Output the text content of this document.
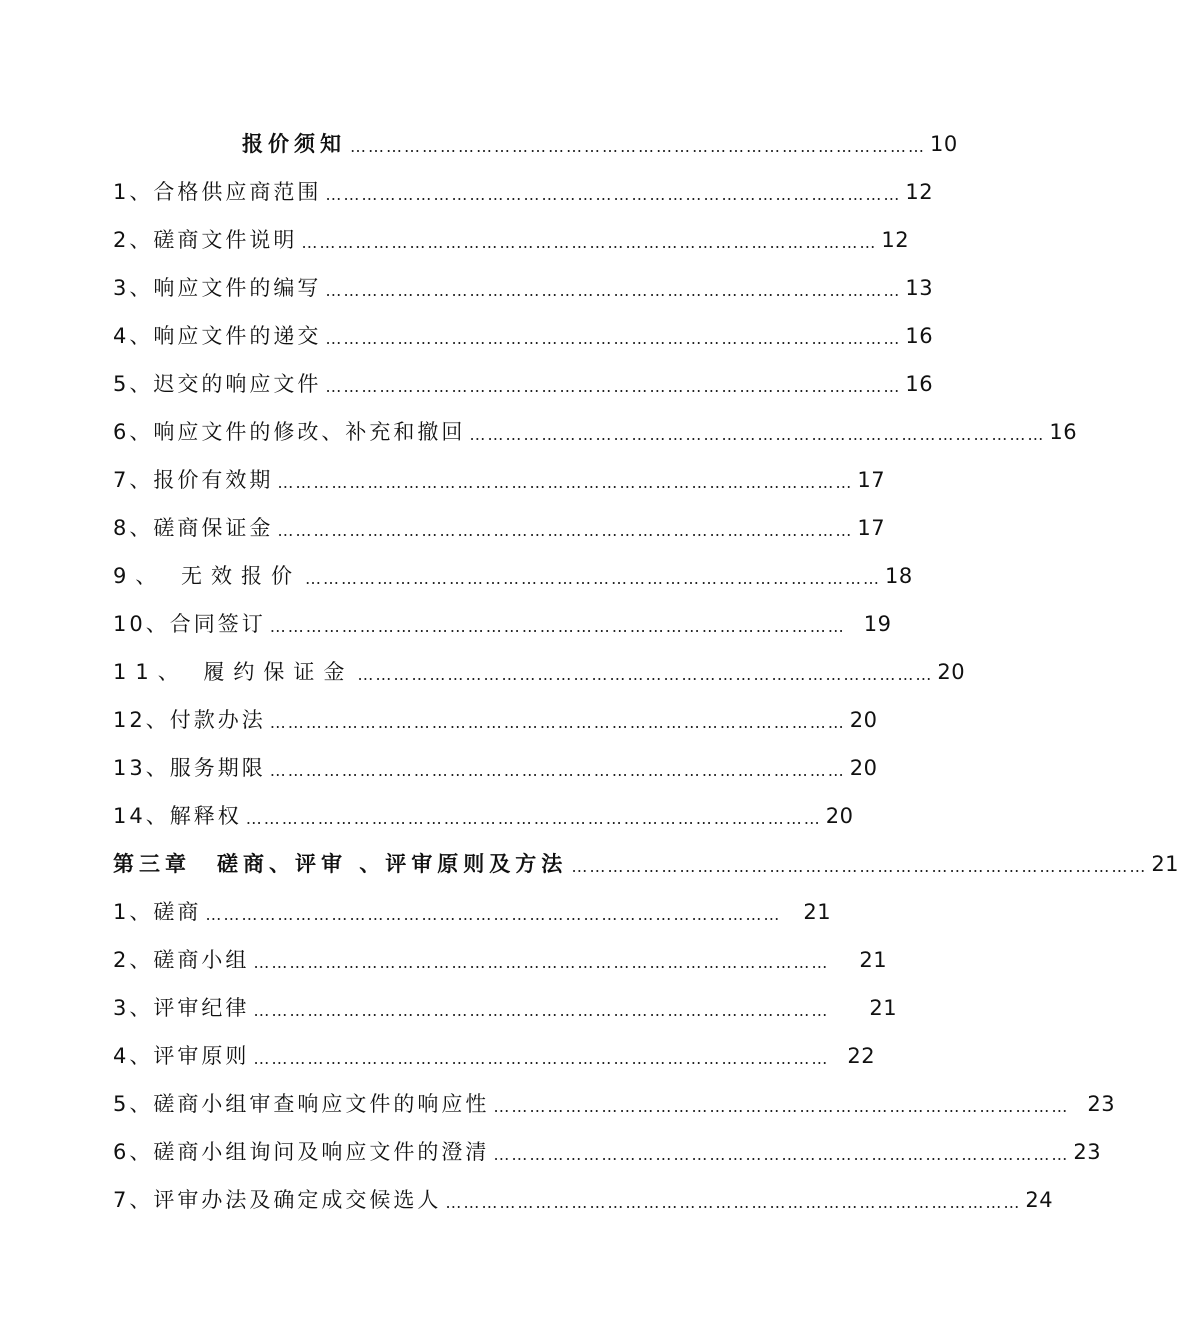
报价须知 …………………………………………………………………………………… 10
1、合格供应商范围 …………………………………………………………………………………… 12
2、磋商文件说明 …………………………………………………………………………………… 12
3、响应文件的编写 …………………………………………………………………………………… 13
4、响应文件的递交 …………………………………………………………………………………… 16
5、迟交的响应文件 …………………………………………………………………………………… 16
6、响应文件的修改、补充和撤回 …………………………………………………………………………………… 16
7、报价有效期 …………………………………………………………………………………… 17
8、磋商保证金 …………………………………………………………………………………… 17
9、 无效报价 …………………………………………………………………………………… 18
10、合同签订 …………………………………………………………………………………… 19
11、 履约保证金 …………………………………………………………………………………… 20
12、付款办法 …………………………………………………………………………………… 20
13、服务期限 …………………………………………………………………………………… 20
14、解释权 …………………………………………………………………………………… 20
第三章　磋商、评审 、评审原则及方法 …………………………………………………………………………………… 21
1、磋商 …………………………………………………………………………………… 21
2、磋商小组 …………………………………………………………………………………… 21
3、评审纪律 …………………………………………………………………………………… 21
4、评审原则 …………………………………………………………………………………… 22
5、磋商小组审查响应文件的响应性 …………………………………………………………………………………… 23
6、磋商小组询问及响应文件的澄清 …………………………………………………………………………………… 23
7、评审办法及确定成交候选人 …………………………………………………………………………………… 24
